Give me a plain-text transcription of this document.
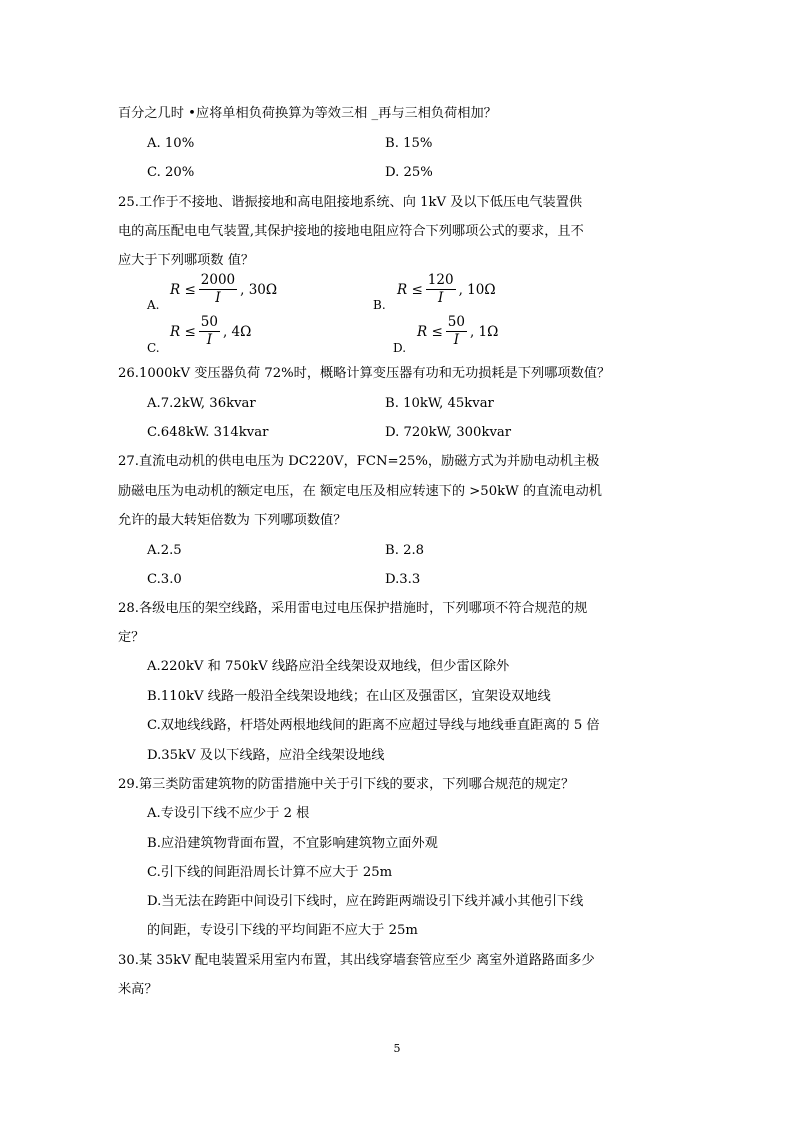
百分之几时 •应将单相负荷换算为等效三相 _再与三相负荷相加？
A. 10%	B. 15%
C. 20%	D. 25%
25.工作于不接地、谐振接地和高电阻接地系统、向 1kV 及以下低压电气装置供
电的高压配电电气装置,其保护接地的接地电阻应符合下列哪项公式的要求，且不
应大于下列哪项数 值？
A.
$R \le \frac{2000}{I}$ , 30Ω
B.
$R \le \frac{120}{I}$ , 10Ω
C.
$R \le \frac{50}{I}$ , 4Ω
D.
$R \le \frac{50}{I}$ , 1Ω
26.1000kV 变压器负荷 72%时，概略计算变压器有功和无功损耗是下列哪项数值？
A.7.2kW, 36kvar	B. 10kW, 45kvar
C.648kW. 314kvar	D. 720kW, 300kvar
27.直流电动机的供电电压为 DC220V，FCN=25%，励磁方式为并励电动机主极
励磁电压为电动机的额定电压，在 额定电压及相应转速下的 >50kW 的直流电动机
允许的最大转矩倍数为 下列哪项数值？
A.2.5	B. 2.8
C.3.0	D.3.3
28.各级电压的架空线路，采用雷电过电压保护措施时，下列哪项不符合规范的规
定？
A.220kV 和 750kV 线路应沿全线架设双地线，但少雷区除外
B.110kV 线路一般沿全线架设地线；在山区及强雷区，宜架设双地线
C.双地线线路，杆塔处两根地线间的距离不应超过导线与地线垂直距离的 5 倍
D.35kV 及以下线路，应沿全线架设地线
29.第三类防雷建筑物的防雷措施中关于引下线的要求，下列哪合规范的规定？
A.专设引下线不应少于 2 根
B.应沿建筑物背面布置，不宜影响建筑物立面外观
C.引下线的间距沿周长计算不应大于 25m
D.当无法在跨距中间设引下线时，应在跨距两端设引下线并减小其他引下线
的间距，专设引下线的平均间距不应大于 25m
30.某 35kV 配电装置采用室内布置，其出线穿墙套管应至少 离室外道路路面多少
米高？
5
